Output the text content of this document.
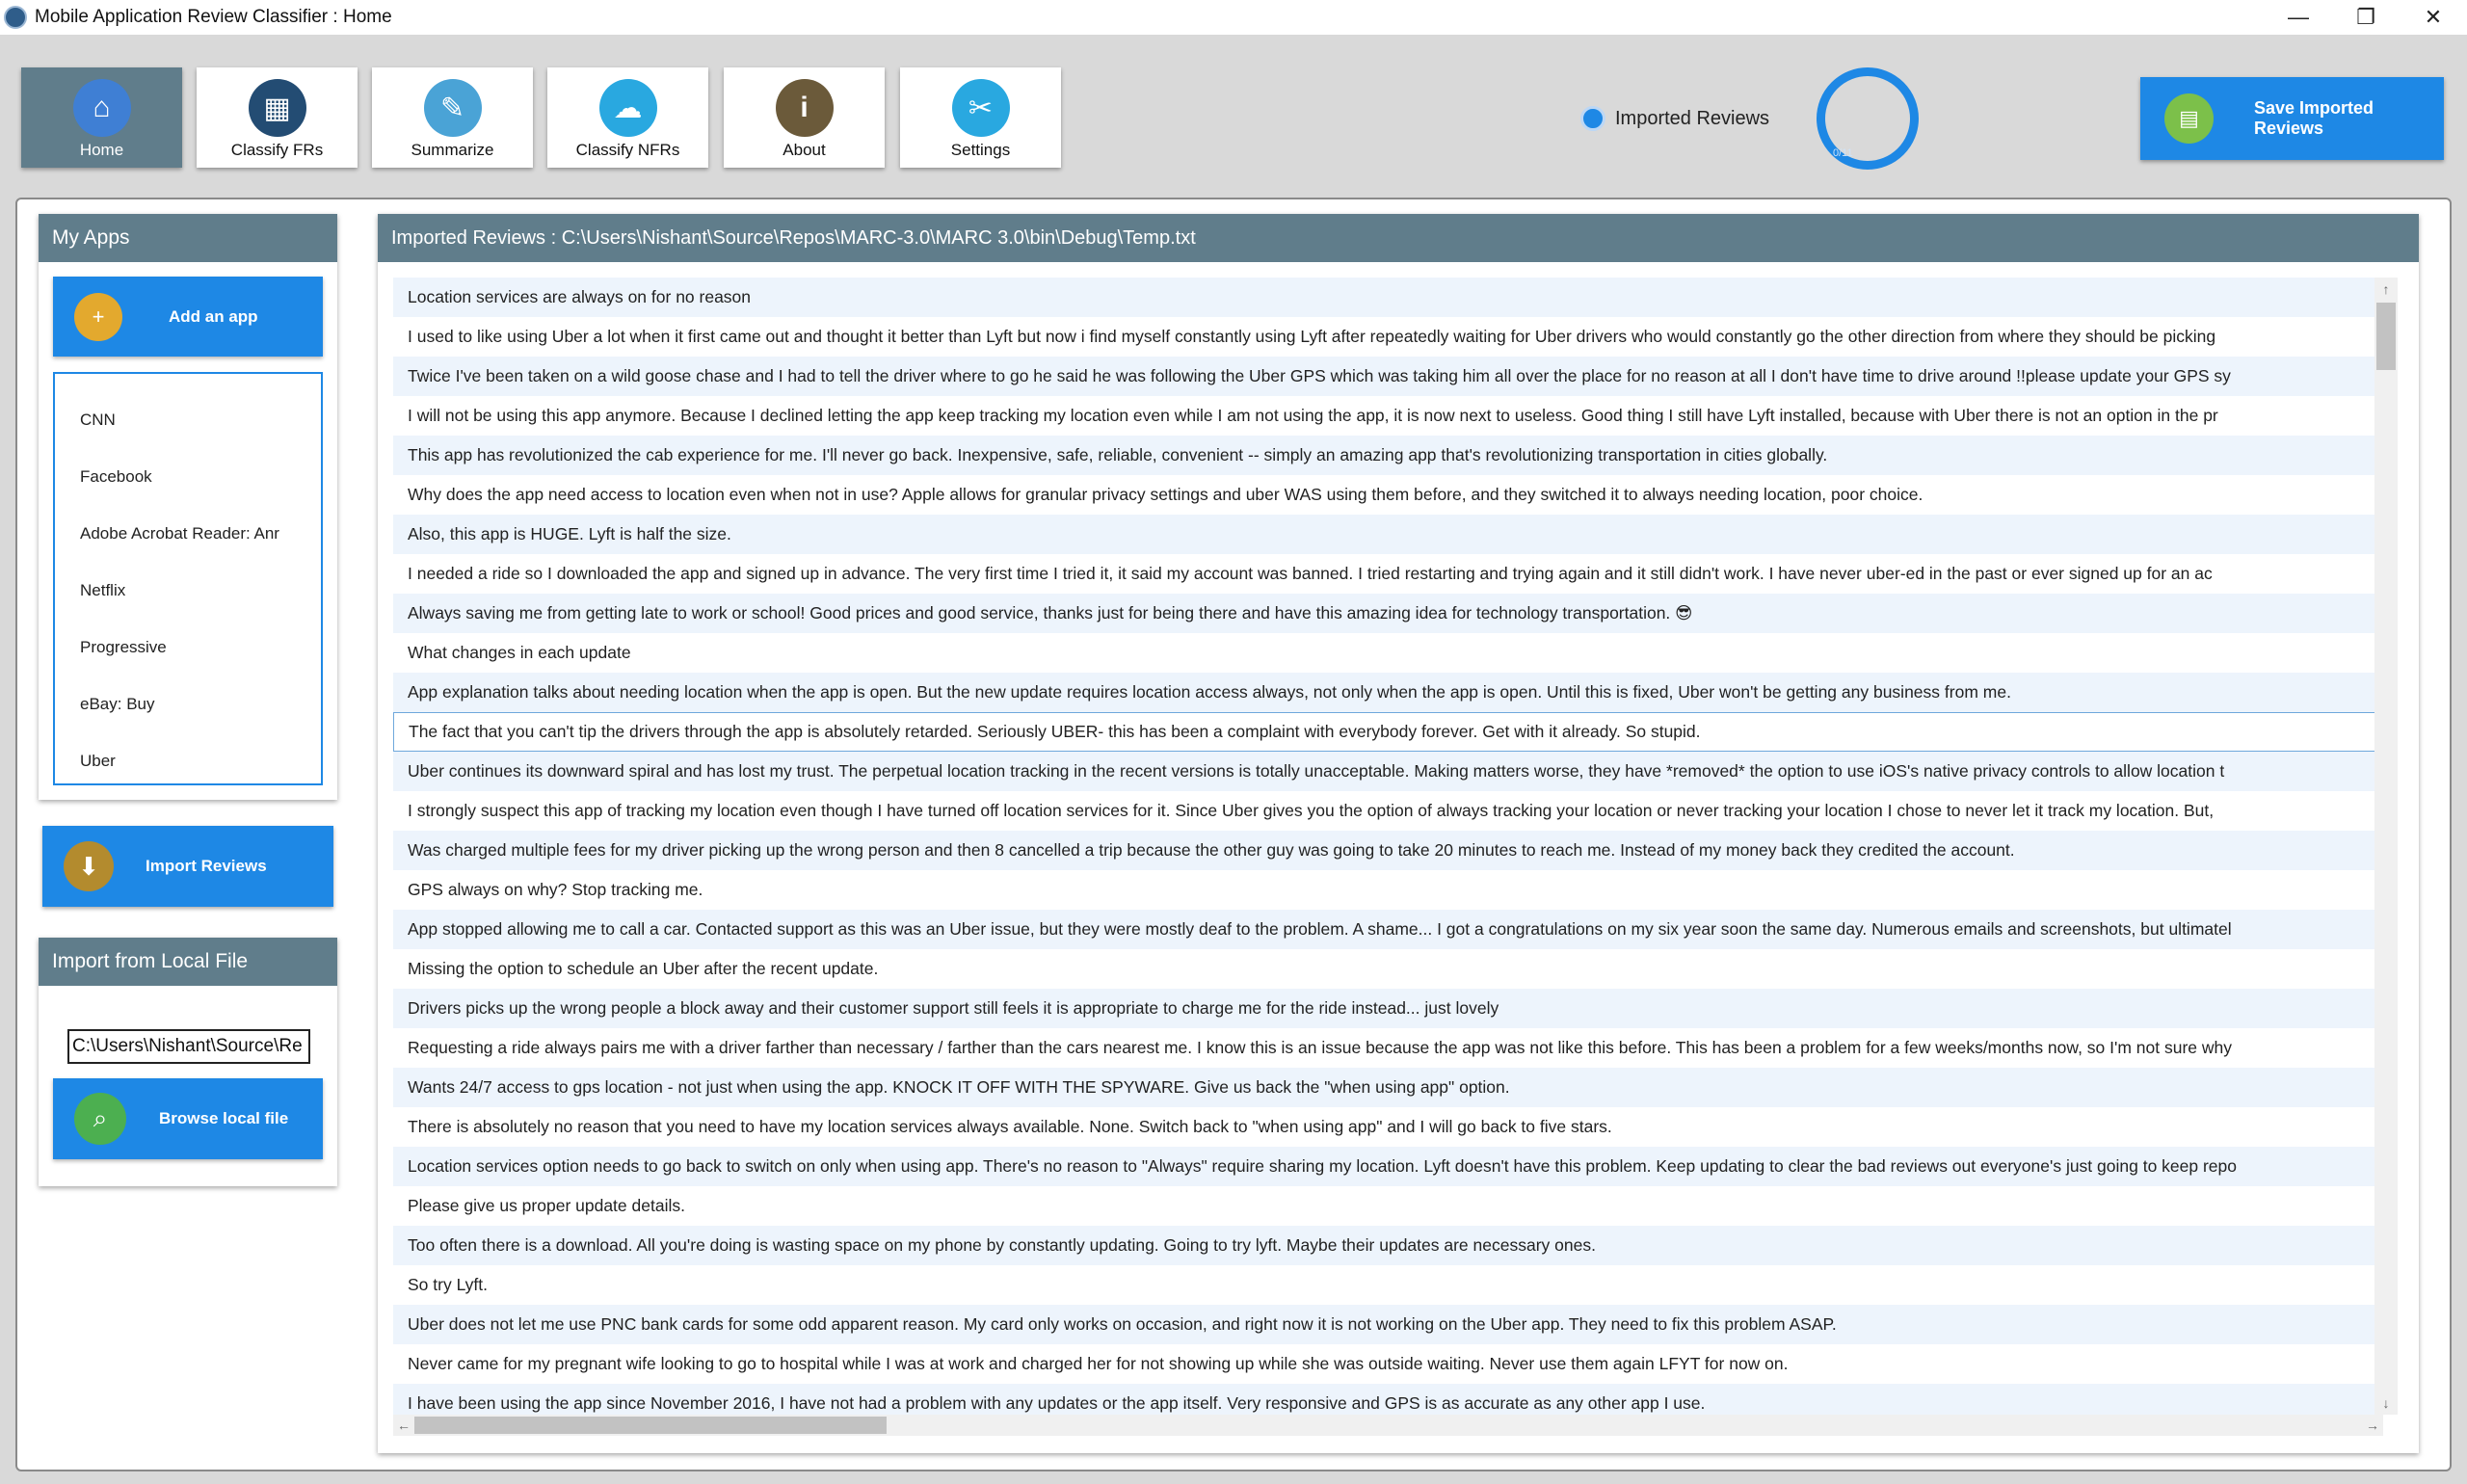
Mobile Application Review Classifier : Home	—	❐	✕
⌂
Home
▦
Classify FRs
✎
Summarize
☁
Classify NFRs
i
About
✂
Settings
Imported Reviews
0/11
▤	Save Imported Reviews
My Apps
+	Add an app
CNN
Facebook
Adobe Acrobat Reader: Anr
Netflix
Progressive
eBay: Buy
Uber
⬇	Import Reviews
Import from Local File
C:\Users\Nishant\Source\Re
⌕	Browse local file
Imported Reviews : C:\Users\Nishant\Source\Repos\MARC-3.0\MARC 3.0\bin\Debug\Temp.txt
Location services are always on for no reason
I used to like using Uber a lot when it first came out and thought it better than Lyft but now i find myself constantly using Lyft after repeatedly waiting for Uber drivers who would constantly go the other direction from where they should be picking
Twice I've been taken on a wild goose chase and I had to tell the driver where to go he said he was following the Uber GPS which was taking him all over the place for no reason at all I don't have time to drive around !!please update your GPS sy
I will not be using this app anymore. Because I declined letting the app keep tracking my location even while I am not using the app, it is now next to useless. Good thing I still have Lyft installed, because with Uber there is not an option in the pr
This app has revolutionized the cab experience for me. I'll never go back. Inexpensive, safe, reliable, convenient -- simply an amazing app that's revolutionizing transportation in cities globally.
Why does the app need access to location even when not in use? Apple allows for granular privacy settings and uber WAS using them before, and they switched it to always needing location, poor choice.
Also, this app is HUGE. Lyft is half the size.
I needed a ride so I downloaded the app and signed up in advance. The very first time I tried it, it said my account was banned. I tried restarting and trying again and it still didn't work. I have never uber-ed in the past or ever signed up for an ac
Always saving me from getting late to work or school! Good prices and good service, thanks just for being there and have this amazing idea for technology transportation. 😎
What changes in each update
App explanation talks about needing location when the app is open. But the new update requires location access always, not only when the app is open. Until this is fixed, Uber won't be getting any business from me.
The fact that you can't tip the drivers through the app is absolutely retarded. Seriously UBER- this has been a complaint with everybody forever. Get with it already. So stupid.
Uber continues its downward spiral and has lost my trust. The perpetual location tracking in the recent versions is totally unacceptable. Making matters worse, they have *removed* the option to use iOS's native privacy controls to allow location t
I strongly suspect this app of tracking my location even though I have turned off location services for it. Since Uber gives you the option of always tracking your location or never tracking your location I chose to never let it track my location. But,
Was charged multiple fees for my driver picking up the wrong person and then 8 cancelled a trip because the other guy was going to take 20 minutes to reach me. Instead of my money back they credited the account.
GPS always on why? Stop tracking me.
App stopped allowing me to call a car. Contacted support as this was an Uber issue, but they were mostly deaf to the problem. A shame... I got a congratulations on my six year soon the same day. Numerous emails and screenshots, but ultimatel
Missing the option to schedule an Uber after the recent update.
Drivers picks up the wrong people a block away and their customer support still feels it is appropriate to charge me for the ride instead... just lovely
Requesting a ride always pairs me with a driver farther than necessary / farther than the cars nearest me. I know this is an issue because the app was not like this before. This has been a problem for a few weeks/months now, so I'm not sure why
Wants 24/7 access to gps location - not just when using the app. KNOCK IT OFF WITH THE SPYWARE. Give us back the "when using app" option.
There is absolutely no reason that you need to have my location services always available. None. Switch back to "when using app" and I will go back to five stars.
Location services option needs to go back to switch on only when using app. There's no reason to "Always" require sharing my location. Lyft doesn't have this problem. Keep updating to clear the bad reviews out everyone's just going to keep repo
Please give us proper update details.
Too often there is a download. All you're doing is wasting space on my phone by constantly updating. Going to try lyft. Maybe their updates are necessary ones.
So try Lyft.
Uber does not let me use PNC bank cards for some odd apparent reason. My card only works on occasion, and right now it is not working on the Uber app. They need to fix this problem ASAP.
Never came for my pregnant wife looking to go to hospital while I was at work and charged her for not showing up while she was outside waiting. Never use them again LFYT for now on.
I have been using the app since November 2016, I have not had a problem with any updates or the app itself. Very responsive and GPS is as accurate as any other app I use.
↑
↓
←	→
